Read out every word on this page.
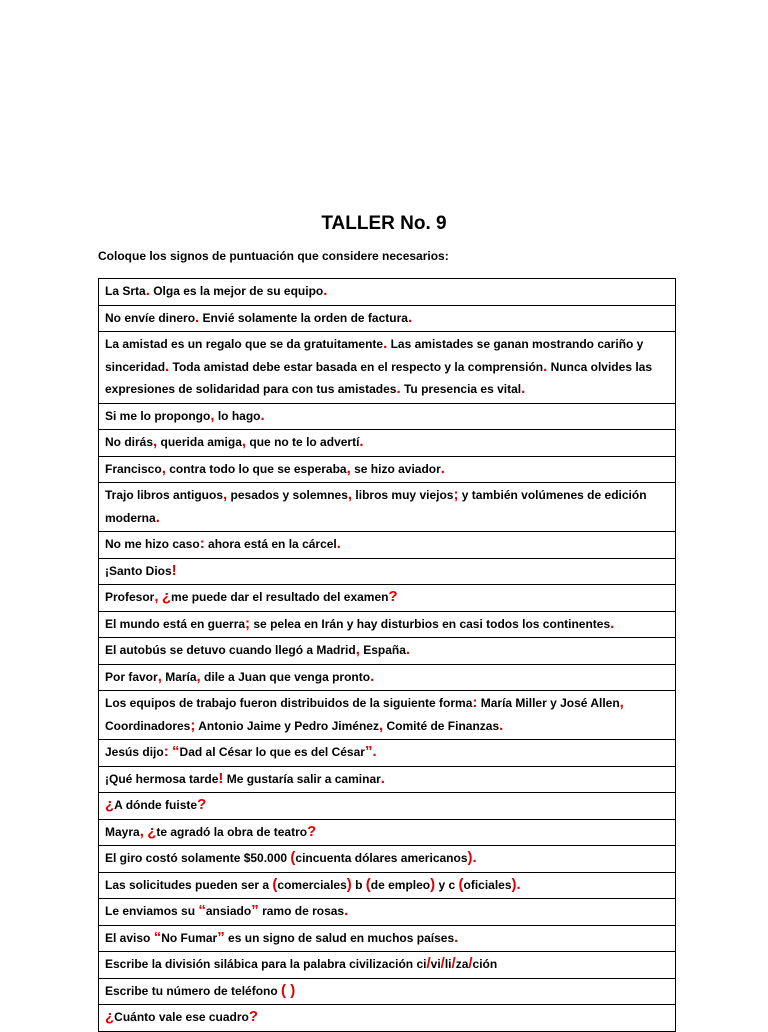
TALLER No. 9
Coloque los signos de puntuación que considere necesarios:
La Srta. Olga es la mejor de su equipo.
No envíe dinero. Envié solamente la orden de factura.
La amistad es un regalo que se da gratuitamente. Las amistades se ganan mostrando cariño y sinceridad. Toda amistad debe estar basada en el respecto y la comprensión. Nunca olvides las expresiones de solidaridad para con tus amistades. Tu presencia es vital.
Si me lo propongo, lo hago.
No dirás, querida amiga, que no te lo advertí.
Francisco, contra todo lo que se esperaba, se hizo aviador.
Trajo libros antiguos, pesados y solemnes, libros muy viejos; y también volúmenes de edición moderna.
No me hizo caso: ahora está en la cárcel.
¡Santo Dios!
Profesor, ¿me puede dar el resultado del examen?
El mundo está en guerra; se pelea en Irán y hay disturbios en casi todos los continentes.
El autobús se detuvo cuando llegó a Madrid, España.
Por favor, María, dile a Juan que venga pronto.
Los equipos de trabajo fueron distribuidos de la siguiente forma: María Miller y José Allen, Coordinadores; Antonio Jaime y Pedro Jiménez, Comité de Finanzas.
Jesús dijo: “Dad al César lo que es del César”.
¡Qué hermosa tarde! Me gustaría salir a caminar.
¿A dónde fuiste?
Mayra, ¿te agradó la obra de teatro?
El giro costó solamente $50.000 (cincuenta dólares americanos).
Las solicitudes pueden ser a (comerciales) b (de empleo) y c (oficiales).
Le enviamos su “ansiado” ramo de rosas.
El aviso “No Fumar” es un signo de salud en muchos países.
Escribe la división silábica para la palabra civilización ci/vi/li/za/ción
Escribe tu número de teléfono ( )
¿Cuánto vale ese cuadro?
